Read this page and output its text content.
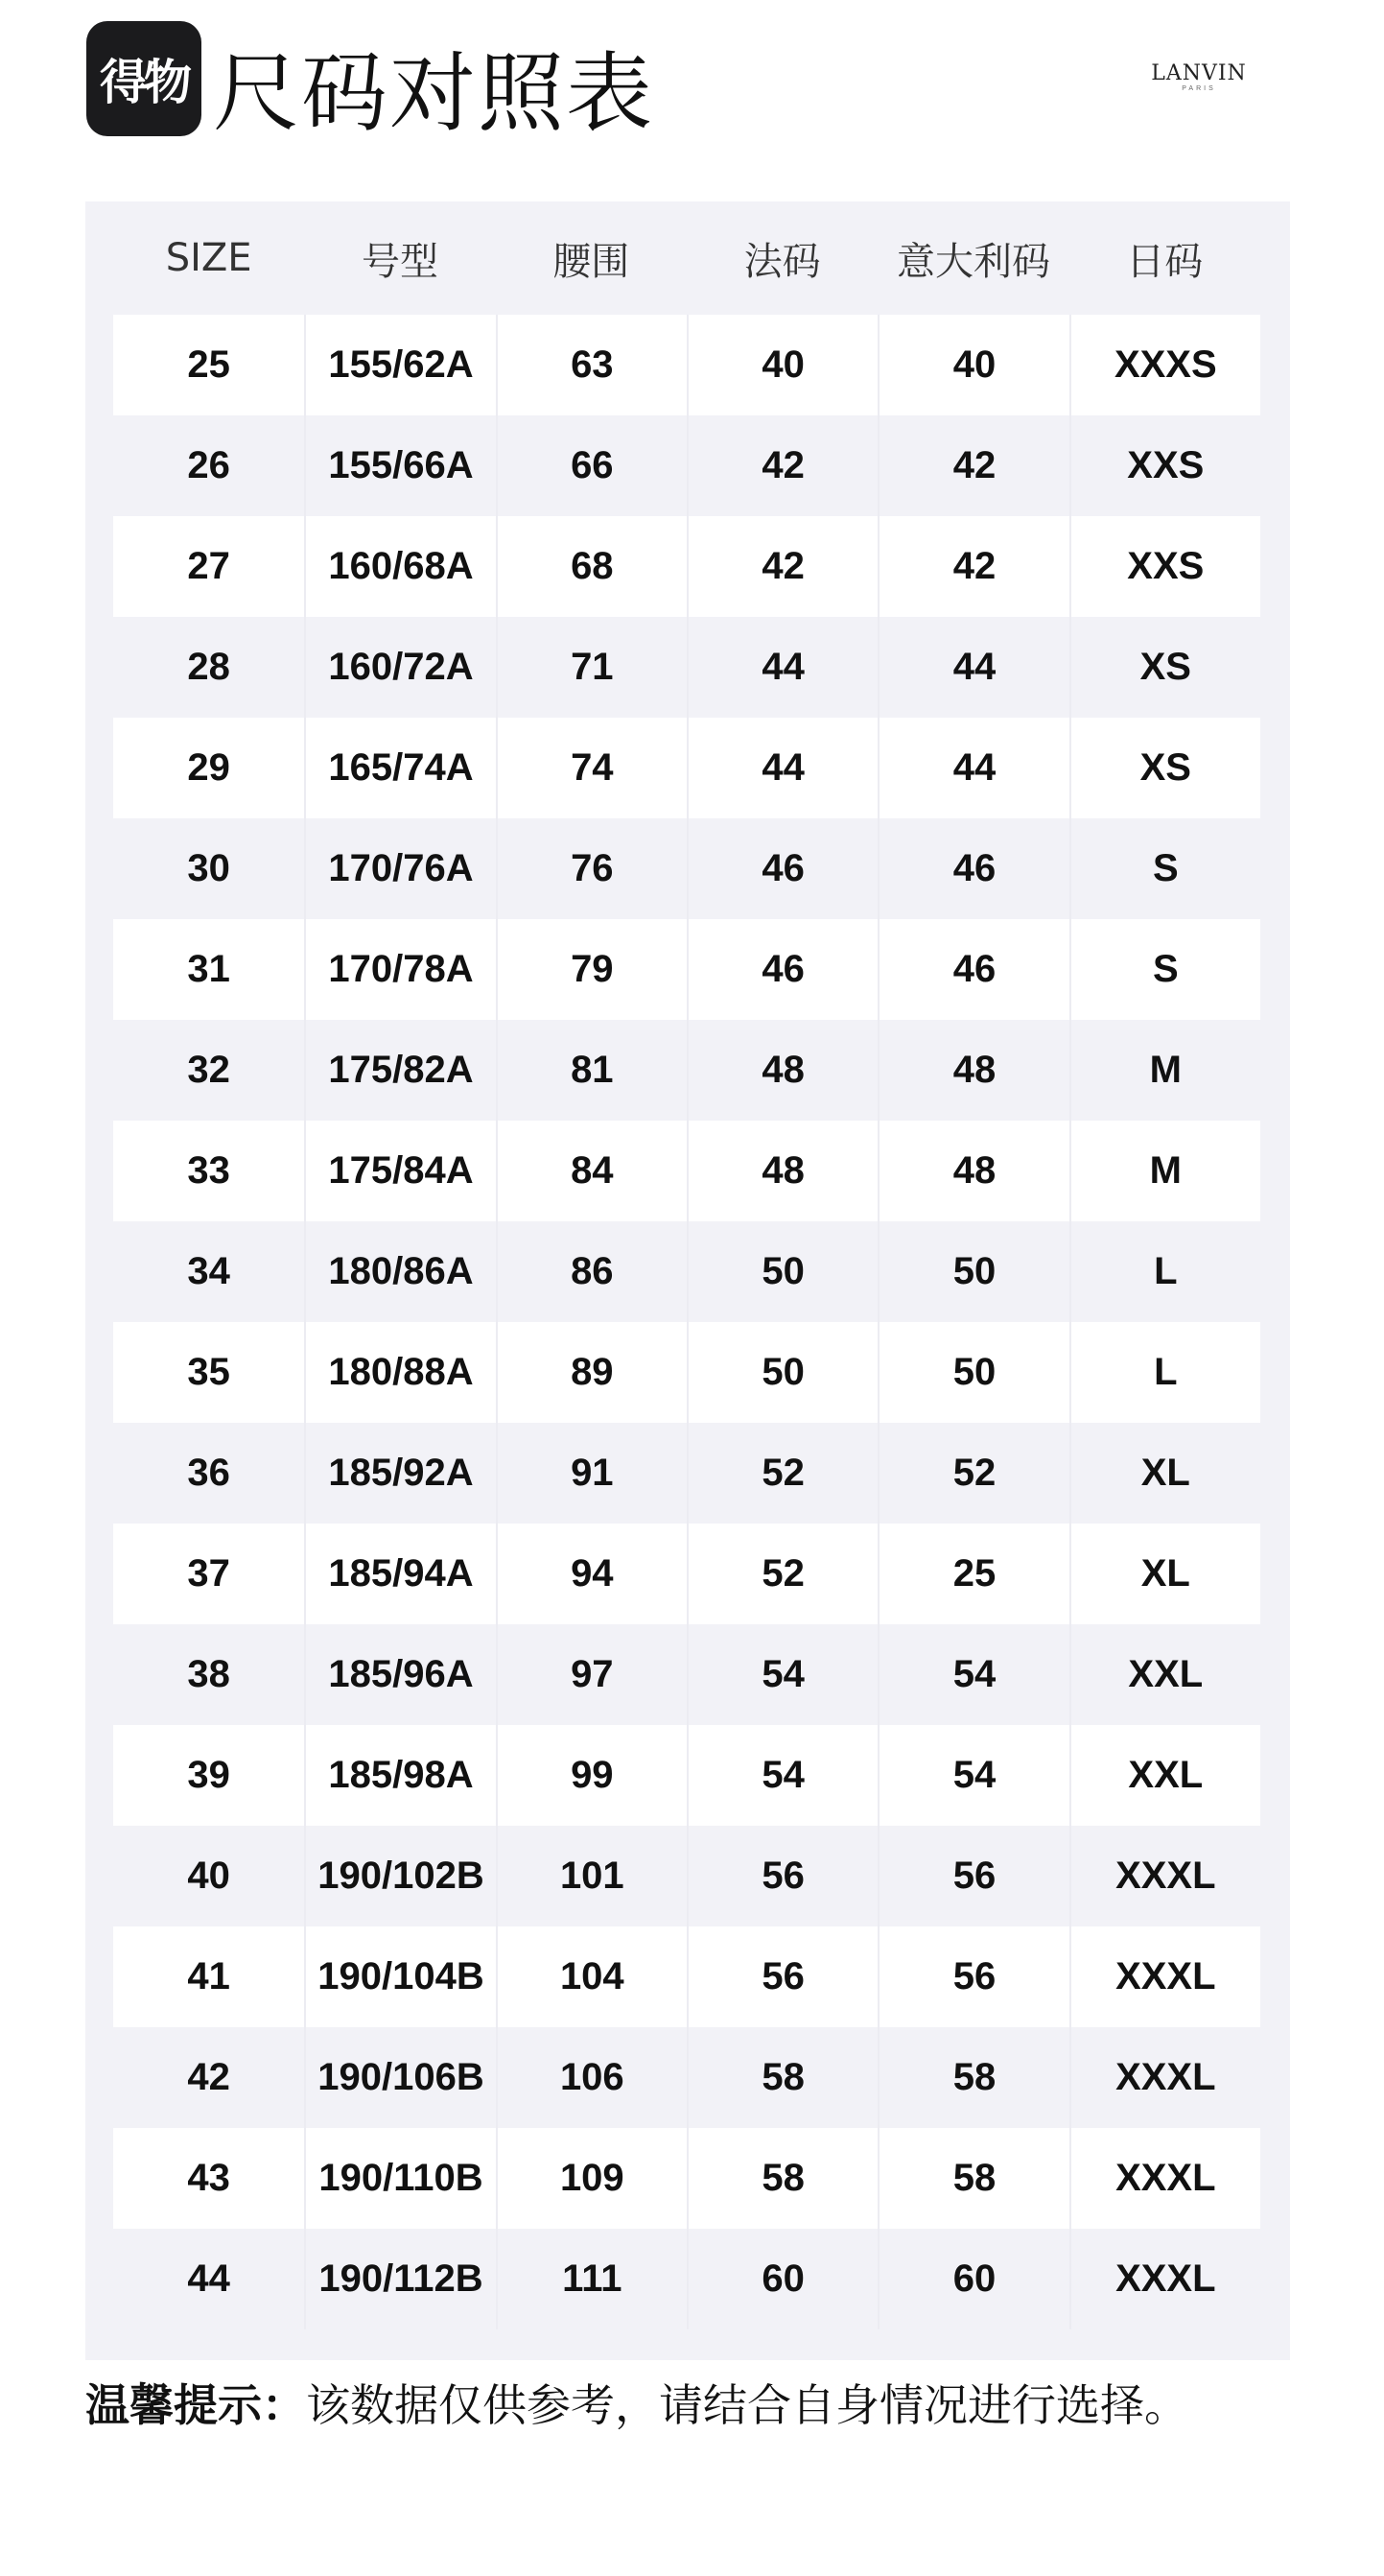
得物 尺码对照表	LANVIN
PARIS
SIZE	号型	腰围	法码	意大利码	日码
25	155/62A	63	40	40	XXXS
26	155/66A	66	42	42	XXS
27	160/68A	68	42	42	XXS
28	160/72A	71	44	44	XS
29	165/74A	74	44	44	XS
30	170/76A	76	46	46	S
31	170/78A	79	46	46	S
32	175/82A	81	48	48	M
33	175/84A	84	48	48	M
34	180/86A	86	50	50	L
35	180/88A	89	50	50	L
36	185/92A	91	52	52	XL
37	185/94A	94	52	25	XL
38	185/96A	97	54	54	XXL
39	185/98A	99	54	54	XXL
40	190/102B	101	56	56	XXXL
41	190/104B	104	56	56	XXXL
42	190/106B	106	58	58	XXXL
43	190/110B	109	58	58	XXXL
44	190/112B	111	60	60	XXXL
温馨提示：该数据仅供参考，请结合自身情况进行选择。
